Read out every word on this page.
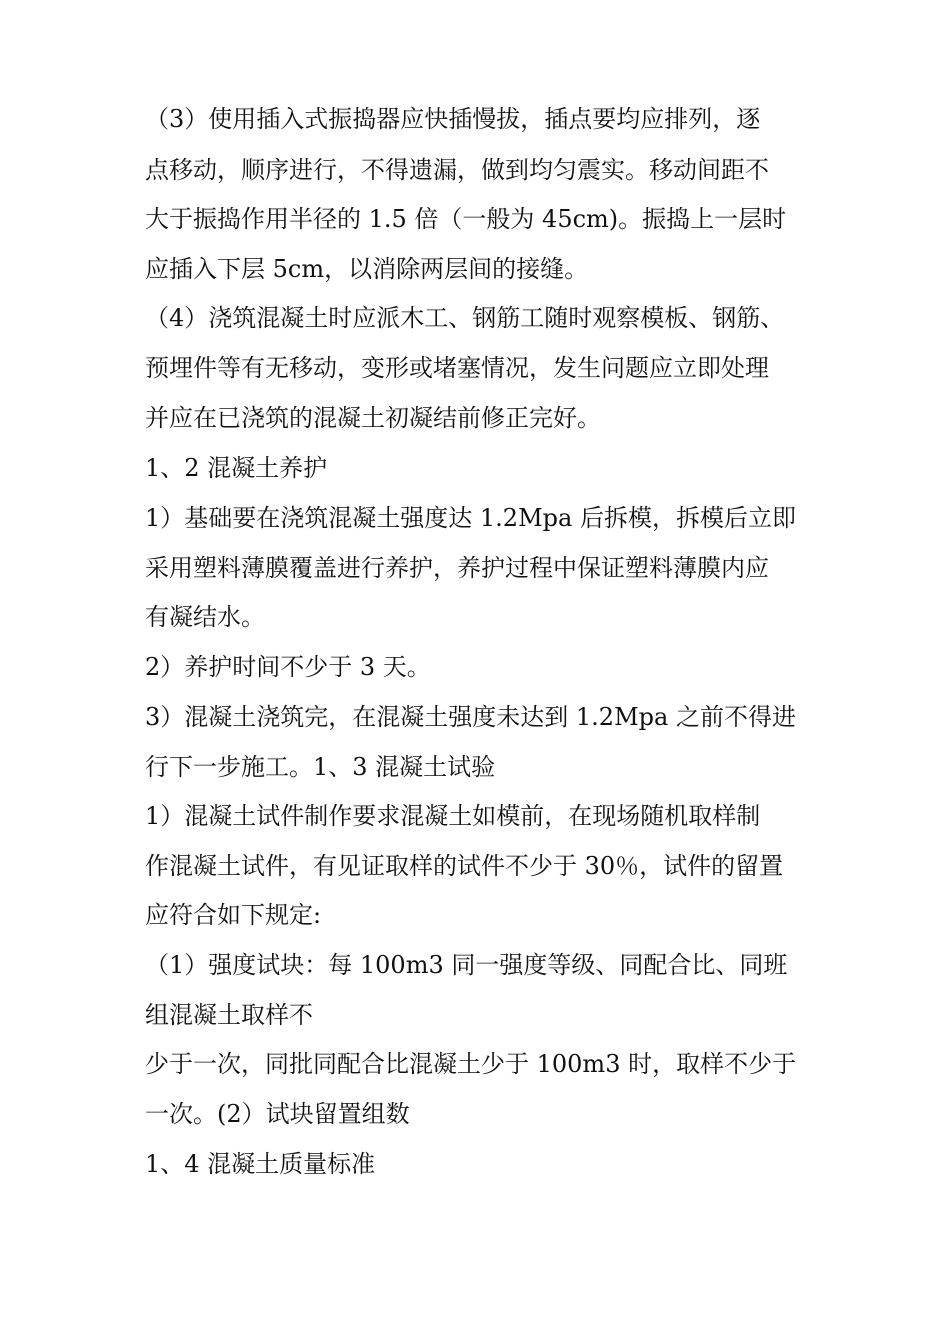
（3）使用插入式振捣器应快插慢拔，插点要均应排列，逐
点移动，顺序进行，不得遗漏，做到均匀震实。移动间距不
大于振捣作用半径的 1.5 倍（一般为 45cm)。振捣上一层时
应插入下层 5cm，以消除两层间的接缝。
（4）浇筑混凝土时应派木工、钢筋工随时观察模板、钢筋、
预埋件等有无移动，变形或堵塞情况，发生问题应立即处理
并应在已浇筑的混凝土初凝结前修正完好。
1、2 混凝土养护
1）基础要在浇筑混凝土强度达 1.2Mpa 后拆模，拆模后立即
采用塑料薄膜覆盖进行养护，养护过程中保证塑料薄膜内应
有凝结水。
2）养护时间不少于 3 天。
3）混凝土浇筑完，在混凝土强度未达到 1.2Mpa 之前不得进
行下一步施工。1、3 混凝土试验
1）混凝土试件制作要求混凝土如模前，在现场随机取样制
作混凝土试件，有见证取样的试件不少于 30％，试件的留置
应符合如下规定:
（1）强度试块：每 100m3 同一强度等级、同配合比、同班
组混凝土取样不
少于一次，同批同配合比混凝土少于 100m3 时，取样不少于
一次。(2）试块留置组数
1、4 混凝土质量标准
